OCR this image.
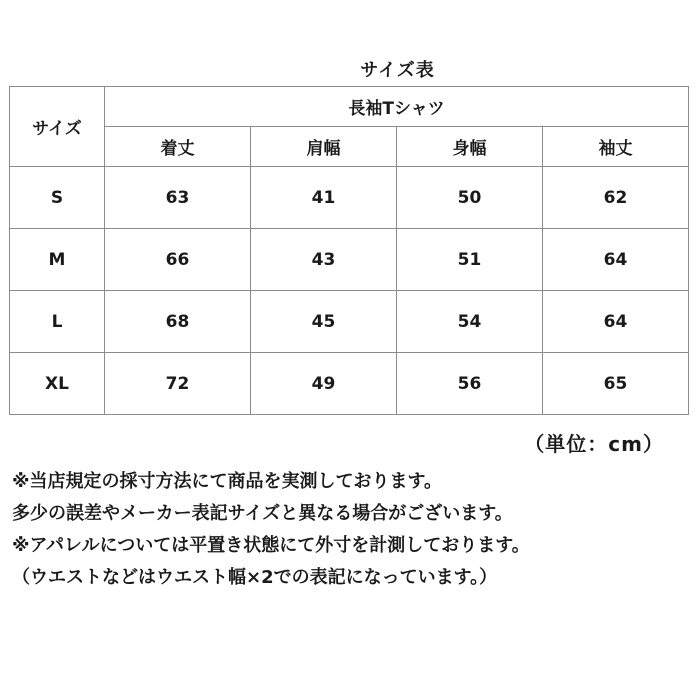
サイズ表
サイズ	長袖Tシャツ			
	着丈	肩幅	身幅	袖丈
S	63	41	50	62
M	66	43	51	64
L	68	45	54	64
XL	72	49	56	65
（単位：cm）
※当店規定の採寸方法にて商品を実測しております。
多少の誤差やメーカー表記サイズと異なる場合がございます。
※アパレルについては平置き状態にて外寸を計測しております。
（ウエストなどはウエスト幅×2での表記になっています。）
